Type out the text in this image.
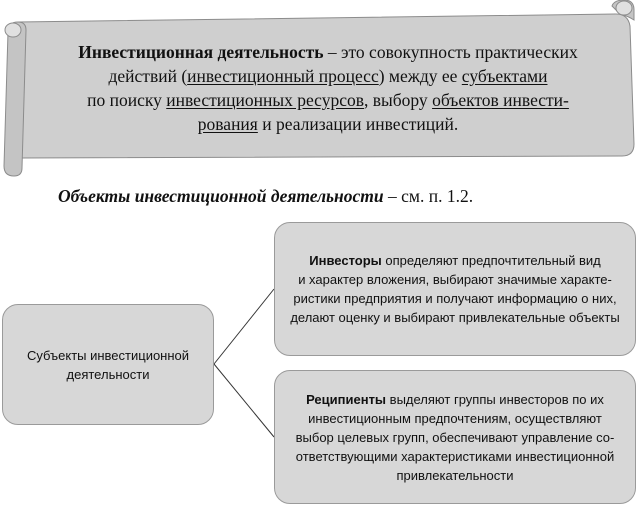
Инвестиционная деятельность – это совокупность практических
действий (инвестиционный процесс) между ее субъектами
по поиску инвестиционных ресурсов, выбору объектов инвести-
рования и реализации инвестиций.
Объекты инвестиционной деятельности – см. п. 1.2.
Субъекты инвестиционной
деятельности
Инвесторы определяют предпочтительный вид
и характер вложения, выбирают значимые характе-
ристики предприятия и получают информацию о них,
делают оценку и выбирают привлекательные объекты
Реципиенты выделяют группы инвесторов по их
инвестиционным предпочтениям, осуществляют
выбор целевых групп, обеспечивают управление со-
ответствующими характеристиками инвестиционной
привлекательности
